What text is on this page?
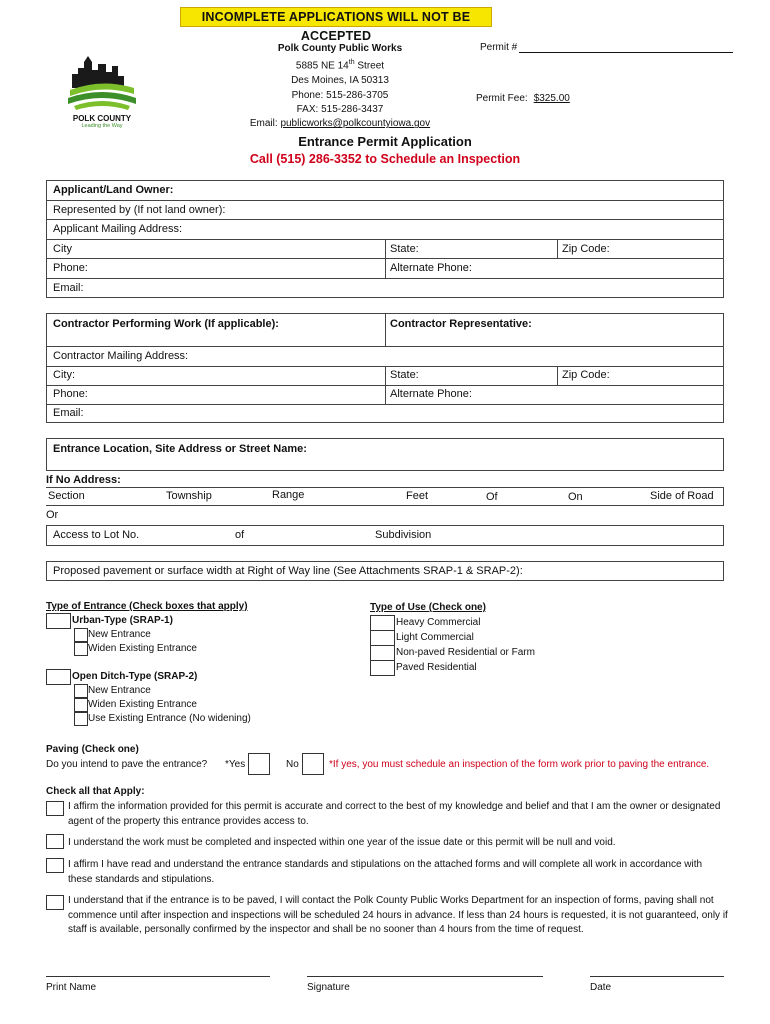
INCOMPLETE APPLICATIONS WILL NOT BE ACCEPTED
POLK COUNTY
Leading the Way
Polk County Public Works
5885 NE 14th Street
Des Moines, IA 50313
Phone: 515-286-3705
FAX: 515-286-3437
Email: publicworks@polkcountyiowa.gov
Permit #
Permit Fee: $325.00
Entrance Permit Application
Call (515) 286-3352 to Schedule an Inspection
Applicant/Land Owner:
Represented by (If not land owner):
Applicant Mailing Address:
City	State:	Zip Code:
Phone:	Alternate Phone:
Email:
Contractor Performing Work (If applicable):	Contractor Representative:
Contractor Mailing Address:
City:	State:	Zip Code:
Phone:	Alternate Phone:
Email:
Entrance Location, Site Address or Street Name:
If No Address:
Section	Township	Range	Feet	Of	On	Side of Road
Or
Access to Lot No.	of	Subdivision
Proposed pavement or surface width at Right of Way line (See Attachments SRAP-1 & SRAP-2):
Type of Entrance (Check boxes that apply)
Urban-Type (SRAP-1)
New Entrance
Widen Existing Entrance
Open Ditch-Type (SRAP-2)
New Entrance
Widen Existing Entrance
Use Existing Entrance (No widening)
Type of Use (Check one)
Heavy Commercial
Light Commercial
Non-paved Residential or Farm
Paved Residential
Paving (Check one)
Do you intend to pave the entrance? *Yes	No	*If yes, you must schedule an inspection of the form work prior to paving the entrance.
Check all that Apply:
I affirm the information provided for this permit is accurate and correct to the best of my knowledge and belief and that I am the owner or designated agent of the property this entrance provides access to.
I understand the work must be completed and inspected within one year of the issue date or this permit will be null and void.
I affirm I have read and understand the entrance standards and stipulations on the attached forms and will complete all work in accordance with these standards and stipulations.
I understand that if the entrance is to be paved, I will contact the Polk County Public Works Department for an inspection of forms, paving shall not commence until after inspection and inspections will be scheduled 24 hours in advance. If less than 24 hours is requested, it is not guaranteed, only if staff is available, personally confirmed by the inspector and shall be no sooner than 4 hours from the time of request.
Print Name	Signature	Date
